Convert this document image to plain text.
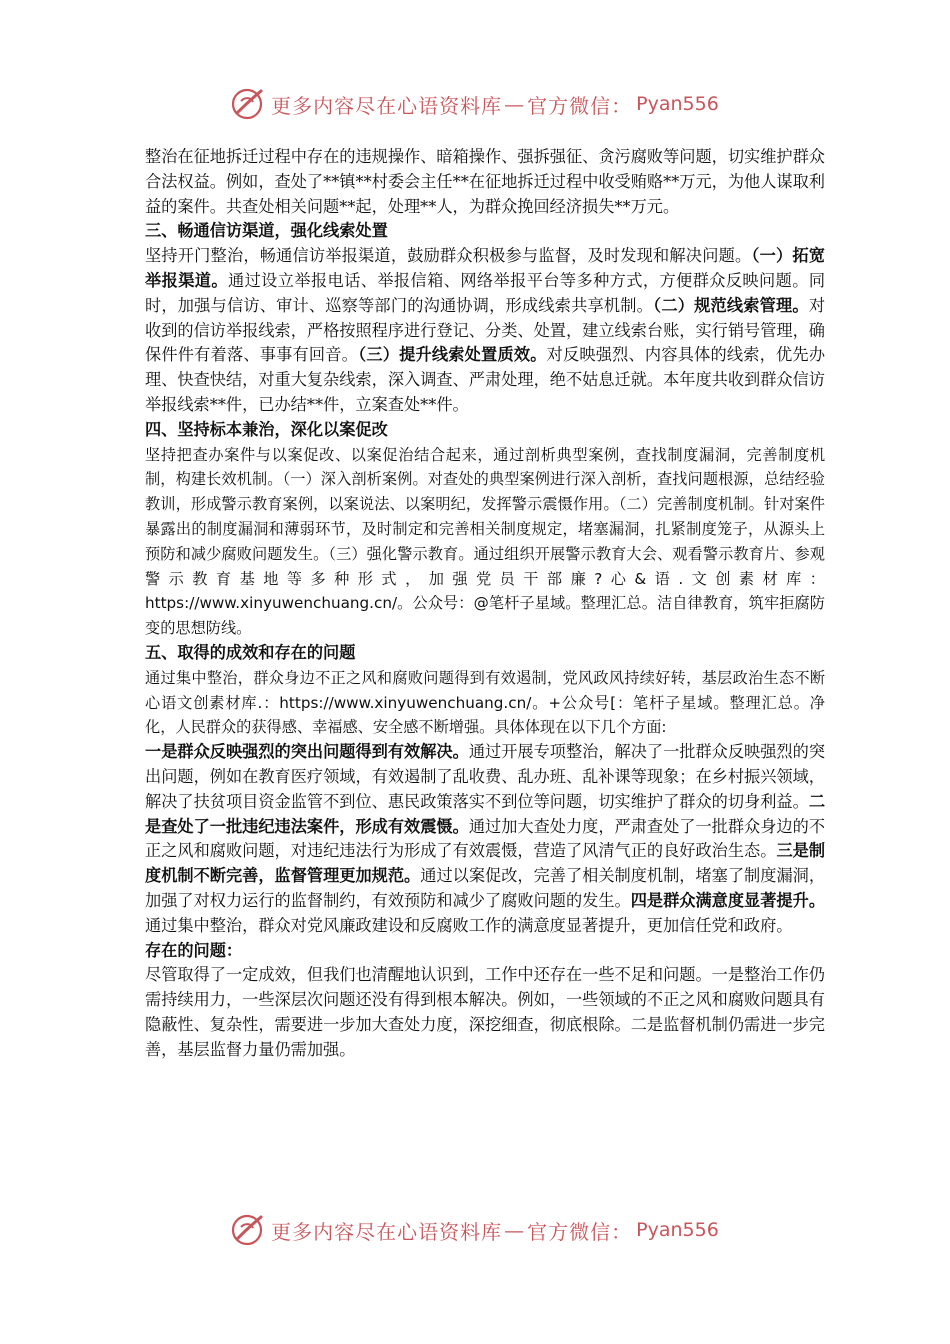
更多内容尽在心语资料库 — 官方微信： Pyan556

整治在征地拆迁过程中存在的违规操作、暗箱操作、强拆强征、贪污腐败等问题，切实维护群众合法权益。例如，查处了**镇**村委会主任**在征地拆迁过程中收受贿赂**万元，为他人谋取利益的案件。共查处相关问题**起，处理**人，为群众挽回经济损失**万元。

三、畅通信访渠道，强化线索处置

坚持开门整治，畅通信访举报渠道，鼓励群众积极参与监督，及时发现和解决问题。（一）拓宽举报渠道。通过设立举报电话、举报信箱、网络举报平台等多种方式，方便群众反映问题。同时，加强与信访、审计、巡察等部门的沟通协调，形成线索共享机制。（二）规范线索管理。对收到的信访举报线索，严格按照程序进行登记、分类、处置，建立线索台账，实行销号管理，确保件件有着落、事事有回音。（三）提升线索处置质效。对反映强烈、内容具体的线索，优先办理、快查快结，对重大复杂线索，深入调查、严肃处理，绝不姑息迁就。本年度共收到群众信访举报线索**件，已办结**件，立案查处**件。

四、坚持标本兼治，深化以案促改

坚持把查办案件与以案促改、以案促治结合起来，通过剖析典型案例，查找制度漏洞，完善制度机制，构建长效机制。（一）深入剖析案例。对查处的典型案例进行深入剖析，查找问题根源，总结经验教训，形成警示教育案例，以案说法、以案明纪，发挥警示震慑作用。（二）完善制度机制。针对案件暴露出的制度漏洞和薄弱环节，及时制定和完善相关制度规定，堵塞漏洞，扎紧制度笼子，从源头上预防和减少腐败问题发生。（三）强化警示教育。通过组织开展警示教育大会、观看警示教育片、参观警示教育基地等多种形式，加强党员干部廉?心&语.文创素材库：https://www.xinyuwenchuang.cn/。公众号：@笔杆子星域。整理汇总。洁自律教育，筑牢拒腐防变的思想防线。

五、取得的成效和存在的问题

通过集中整治，群众身边不正之风和腐败问题得到有效遏制，党风政风持续好转，基层政治生态不断心语文创素材库.：https://www.xinyuwenchuang.cn/。+公众号[：笔杆子星域。整理汇总。净化，人民群众的获得感、幸福感、安全感不断增强。具体体现在以下几个方面:

一是群众反映强烈的突出问题得到有效解决。通过开展专项整治，解决了一批群众反映强烈的突出问题，例如在教育医疗领域，有效遏制了乱收费、乱办班、乱补课等现象；在乡村振兴领域，解决了扶贫项目资金监管不到位、惠民政策落实不到位等问题，切实维护了群众的切身利益。二是查处了一批违纪违法案件，形成有效震慑。通过加大查处力度，严肃查处了一批群众身边的不正之风和腐败问题，对违纪违法行为形成了有效震慑，营造了风清气正的良好政治生态。三是制度机制不断完善，监督管理更加规范。通过以案促改，完善了相关制度机制，堵塞了制度漏洞，加强了对权力运行的监督制约，有效预防和减少了腐败问题的发生。四是群众满意度显著提升。通过集中整治，群众对党风廉政建设和反腐败工作的满意度显著提升，更加信任党和政府。

存在的问题：

尽管取得了一定成效，但我们也清醒地认识到，工作中还存在一些不足和问题。一是整治工作仍需持续用力，一些深层次问题还没有得到根本解决。例如，一些领域的不正之风和腐败问题具有隐蔽性、复杂性，需要进一步加大查处力度，深挖细查，彻底根除。二是监督机制仍需进一步完善，基层监督力量仍需加强。

更多内容尽在心语资料库 — 官方微信： Pyan556
